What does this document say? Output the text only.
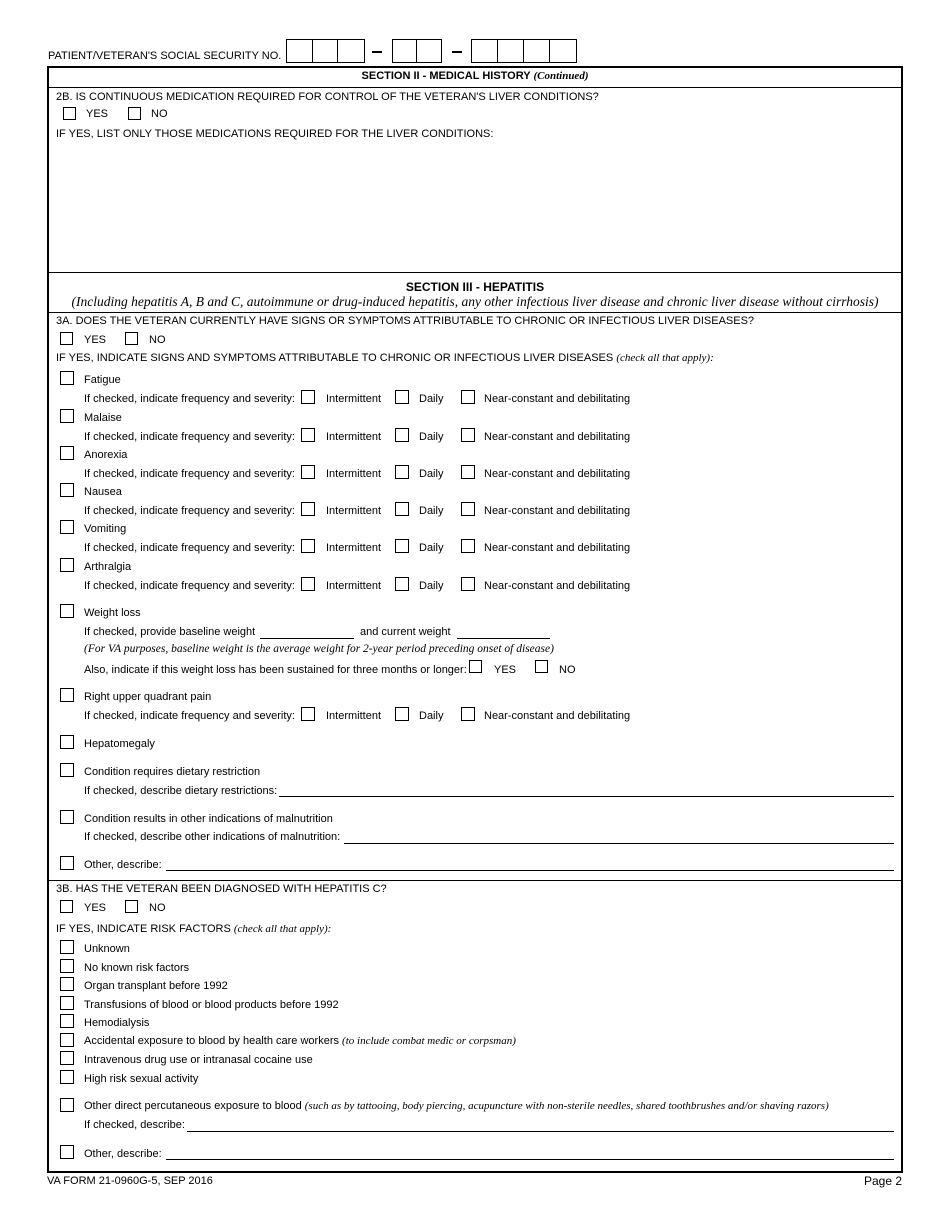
PATIENT/VETERAN'S SOCIAL SECURITY NO.
SECTION II - MEDICAL HISTORY (Continued)
2B. IS CONTINUOUS MEDICATION REQUIRED FOR CONTROL OF THE VETERAN'S LIVER CONDITIONS?
YES	NO
IF YES, LIST ONLY THOSE MEDICATIONS REQUIRED FOR THE LIVER CONDITIONS:
SECTION III - HEPATITIS
(Including hepatitis A, B and C, autoimmune or drug-induced hepatitis, any other infectious liver disease and chronic liver disease without cirrhosis)
3A. DOES THE VETERAN CURRENTLY HAVE SIGNS OR SYMPTOMS ATTRIBUTABLE TO CHRONIC OR INFECTIOUS LIVER DISEASES?
YES	NO
IF YES, INDICATE SIGNS AND SYMPTOMS ATTRIBUTABLE TO CHRONIC OR INFECTIOUS LIVER DISEASES (check all that apply):
Fatigue
If checked, indicate frequency and severity:	Intermittent	Daily	Near-constant and debilitating
Malaise
If checked, indicate frequency and severity:	Intermittent	Daily	Near-constant and debilitating
Anorexia
If checked, indicate frequency and severity:	Intermittent	Daily	Near-constant and debilitating
Nausea
If checked, indicate frequency and severity:	Intermittent	Daily	Near-constant and debilitating
Vomiting
If checked, indicate frequency and severity:	Intermittent	Daily	Near-constant and debilitating
Arthralgia
If checked, indicate frequency and severity:	Intermittent	Daily	Near-constant and debilitating
Weight loss
If checked, provide baseline weight	and current weight
(For VA purposes, baseline weight is the average weight for 2-year period preceding onset of disease)
Also, indicate if this weight loss has been sustained for three months or longer: YES	NO
Right upper quadrant pain
If checked, indicate frequency and severity:	Intermittent	Daily	Near-constant and debilitating
Hepatomegaly
Condition requires dietary restriction
If checked, describe dietary restrictions:
Condition results in other indications of malnutrition
If checked, describe other indications of malnutrition:
Other, describe:
3B. HAS THE VETERAN BEEN DIAGNOSED WITH HEPATITIS C?
YES	NO
IF YES, INDICATE RISK FACTORS (check all that apply):
Unknown
No known risk factors
Organ transplant before 1992
Transfusions of blood or blood products before 1992
Hemodialysis
Accidental exposure to blood by health care workers (to include combat medic or corpsman)
Intravenous drug use or intranasal cocaine use
High risk sexual activity
Other direct percutaneous exposure to blood (such as by tattooing, body piercing, acupuncture with non-sterile needles, shared toothbrushes and/or shaving razors)
If checked, describe:
Other, describe:
VA FORM 21-0960G-5, SEP 2016	Page 2
